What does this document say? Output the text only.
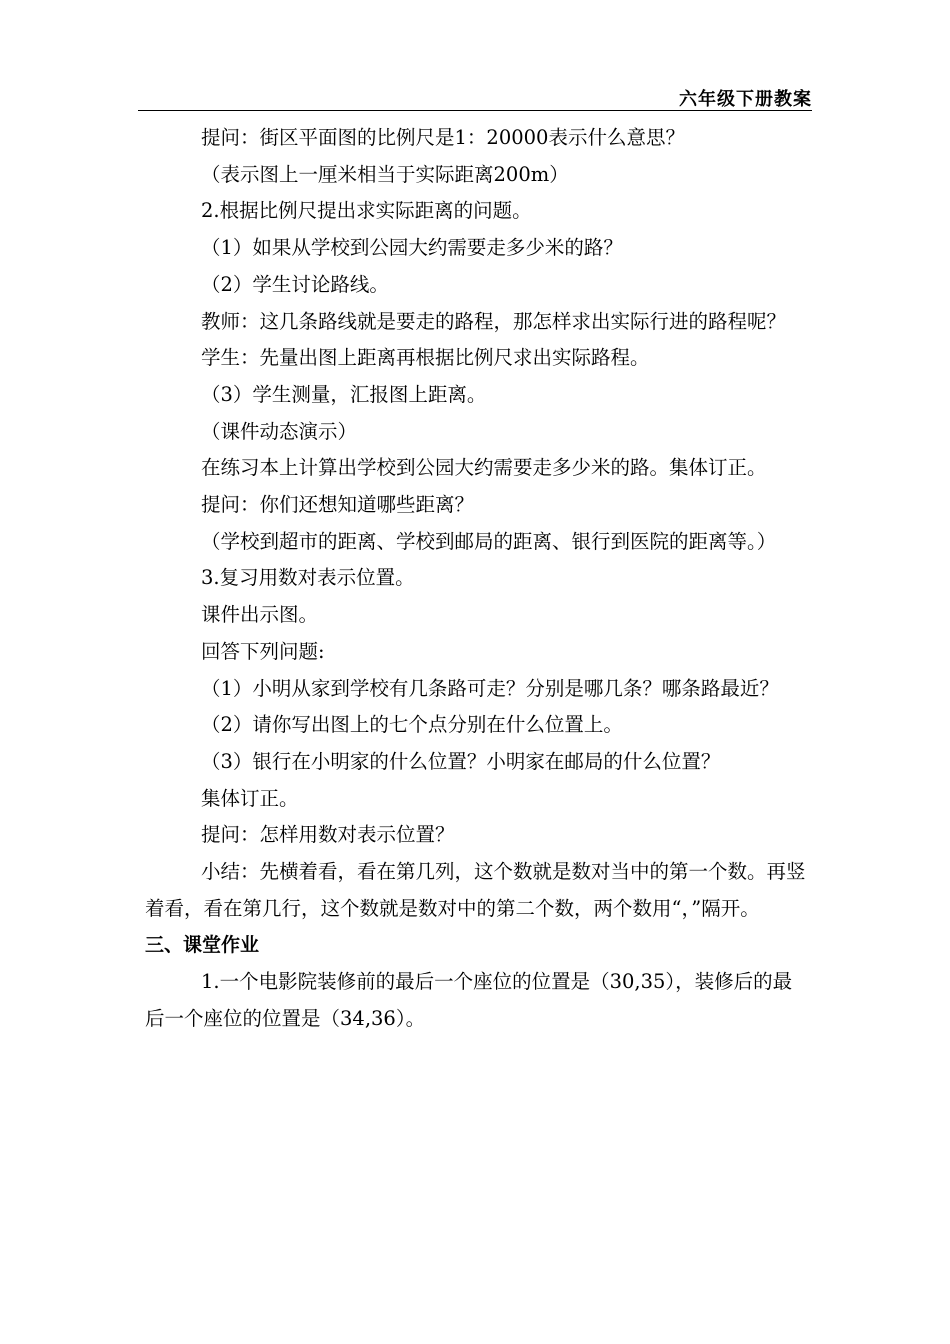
六年级下册教案

提问：街区平面图的比例尺是1：20000表示什么意思？

（表示图上一厘米相当于实际距离200m）

2.根据比例尺提出求实际距离的问题。

（1）如果从学校到公园大约需要走多少米的路？

（2）学生讨论路线。

教师：这几条路线就是要走的路程，那怎样求出实际行进的路程呢？

学生：先量出图上距离再根据比例尺求出实际路程。

（3）学生测量，汇报图上距离。

（课件动态演示）

在练习本上计算出学校到公园大约需要走多少米的路。集体订正。

提问：你们还想知道哪些距离？

（学校到超市的距离、学校到邮局的距离、银行到医院的距离等。）

3.复习用数对表示位置。

课件出示图。

回答下列问题:

（1）小明从家到学校有几条路可走？分别是哪几条？哪条路最近？

（2）请你写出图上的七个点分别在什么位置上。

（3）银行在小明家的什么位置？小明家在邮局的什么位置？

集体订正。

提问：怎样用数对表示位置？

小结：先横着看，看在第几列，这个数就是数对当中的第一个数。再竖着看，看在第几行，这个数就是数对中的第二个数，两个数用“，”隔开。

三、课堂作业

1.一个电影院装修前的最后一个座位的位置是（30,35），装修后的最后一个座位的位置是（34,36）。
